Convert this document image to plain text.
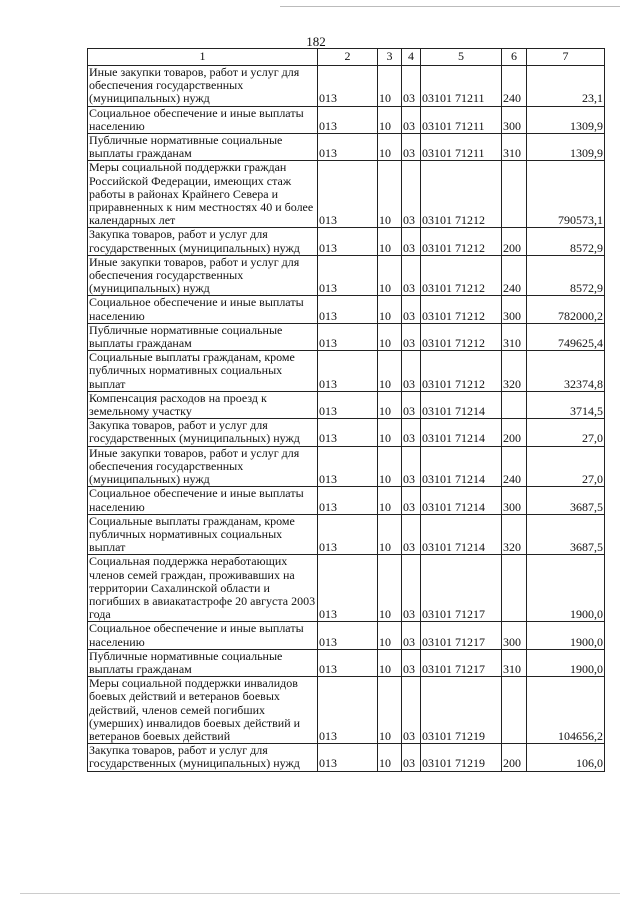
182
1	2	3	4	5	6	7
Иные закупки товаров, работ и услуг для обеспечения государственных (муниципальных) нужд	013	10	03	03101 71211	240	23,1
Социальное обеспечение и иные выплаты населению	013	10	03	03101 71211	300	1309,9
Публичные нормативные социальные выплаты гражданам	013	10	03	03101 71211	310	1309,9
Меры социальной поддержки граждан Российской Федерации, имеющих стаж работы в районах Крайнего Севера и приравненных к ним местностях 40 и более календарных лет	013	10	03	03101 71212		790573,1
Закупка товаров, работ и услуг для государственных (муниципальных) нужд	013	10	03	03101 71212	200	8572,9
Иные закупки товаров, работ и услуг для обеспечения государственных (муниципальных) нужд	013	10	03	03101 71212	240	8572,9
Социальное обеспечение и иные выплаты населению	013	10	03	03101 71212	300	782000,2
Публичные нормативные социальные выплаты гражданам	013	10	03	03101 71212	310	749625,4
Социальные выплаты гражданам, кроме публичных нормативных социальных выплат	013	10	03	03101 71212	320	32374,8
Компенсация расходов на проезд к земельному участку	013	10	03	03101 71214		3714,5
Закупка товаров, работ и услуг для государственных (муниципальных) нужд	013	10	03	03101 71214	200	27,0
Иные закупки товаров, работ и услуг для обеспечения государственных (муниципальных) нужд	013	10	03	03101 71214	240	27,0
Социальное обеспечение и иные выплаты населению	013	10	03	03101 71214	300	3687,5
Социальные выплаты гражданам, кроме публичных нормативных социальных выплат	013	10	03	03101 71214	320	3687,5
Социальная поддержка неработающих членов семей граждан, проживавших на территории Сахалинской области и погибших в авиакатастрофе 20 августа 2003 года	013	10	03	03101 71217		1900,0
Социальное обеспечение и иные выплаты населению	013	10	03	03101 71217	300	1900,0
Публичные нормативные социальные выплаты гражданам	013	10	03	03101 71217	310	1900,0
Меры социальной поддержки инвалидов боевых действий и ветеранов боевых действий, членов семей погибших (умерших) инвалидов боевых действий и ветеранов боевых действий	013	10	03	03101 71219		104656,2
Закупка товаров, работ и услуг для государственных (муниципальных) нужд	013	10	03	03101 71219	200	106,0
